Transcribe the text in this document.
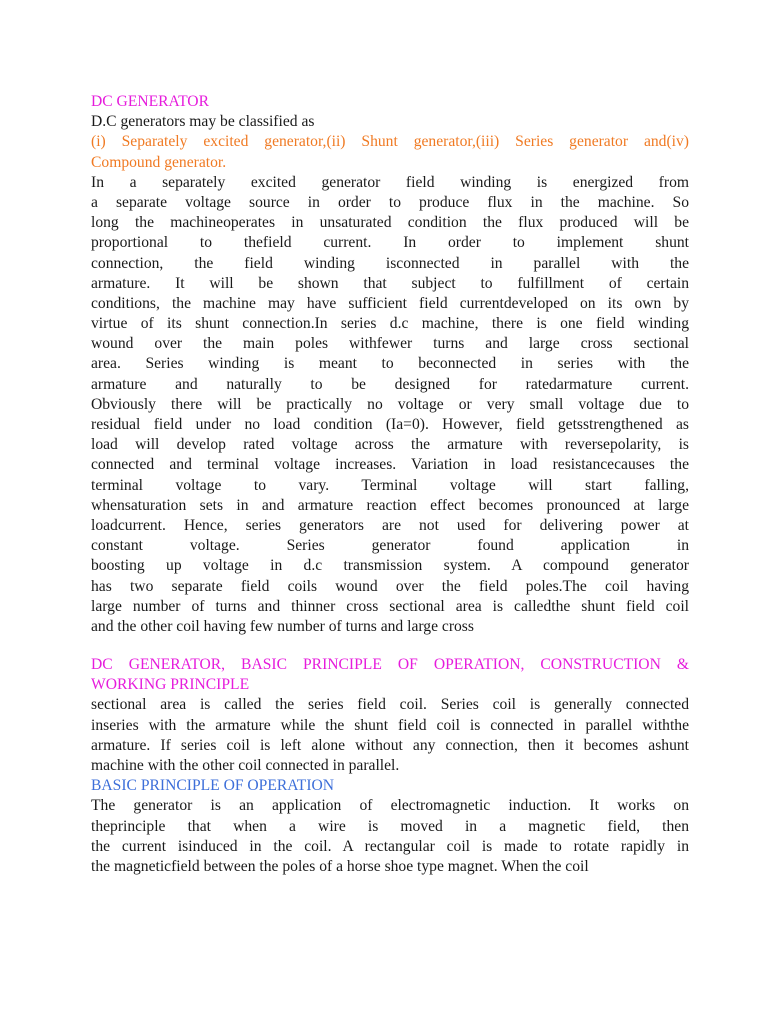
DC GENERATOR
D.C generators may be classified as
(i) Separately excited generator,(ii) Shunt generator,(iii) Series generator and(iv)
Compound generator.
In a separately excited generator field winding is energized from
a separate voltage source in order to produce flux in the machine. So
long the machineoperates in unsaturated condition the flux produced will be
proportional to thefield current. In order to implement shunt
connection, the field winding isconnected in parallel with the
armature. It will be shown that subject to fulfillment of certain
conditions, the machine may have sufficient field currentdeveloped on its own by
virtue of its shunt connection.In series d.c machine, there is one field winding
wound over the main poles withfewer turns and large cross sectional
area. Series winding is meant to beconnected in series with the
armature and naturally to be designed for ratedarmature current.
Obviously there will be practically no voltage or very small voltage due to
residual field under no load condition (Ia=0). However, field getsstrengthened as
load will develop rated voltage across the armature with reversepolarity, is
connected and terminal voltage increases. Variation in load resistancecauses the
terminal voltage to vary. Terminal voltage will start falling,
whensaturation sets in and armature reaction effect becomes pronounced at large
loadcurrent. Hence, series generators are not used for delivering power at
constant voltage. Series generator found application in
boosting up voltage in d.c transmission system. A compound generator
has two separate field coils wound over the field poles.The coil having
large number of turns and thinner cross sectional area is calledthe shunt field coil
and the other coil having few number of turns and large cross
DC GENERATOR, BASIC PRINCIPLE OF OPERATION, CONSTRUCTION &
WORKING PRINCIPLE
sectional area is called the series field coil. Series coil is generally connected
inseries with the armature while the shunt field coil is connected in parallel withthe
armature. If series coil is left alone without any connection, then it becomes ashunt
machine with the other coil connected in parallel.
BASIC PRINCIPLE OF OPERATION
The generator is an application of electromagnetic induction. It works on
theprinciple that when a wire is moved in a magnetic field, then
the current isinduced in the coil. A rectangular coil is made to rotate rapidly in
the magneticfield between the poles of a horse shoe type magnet. When the coil
